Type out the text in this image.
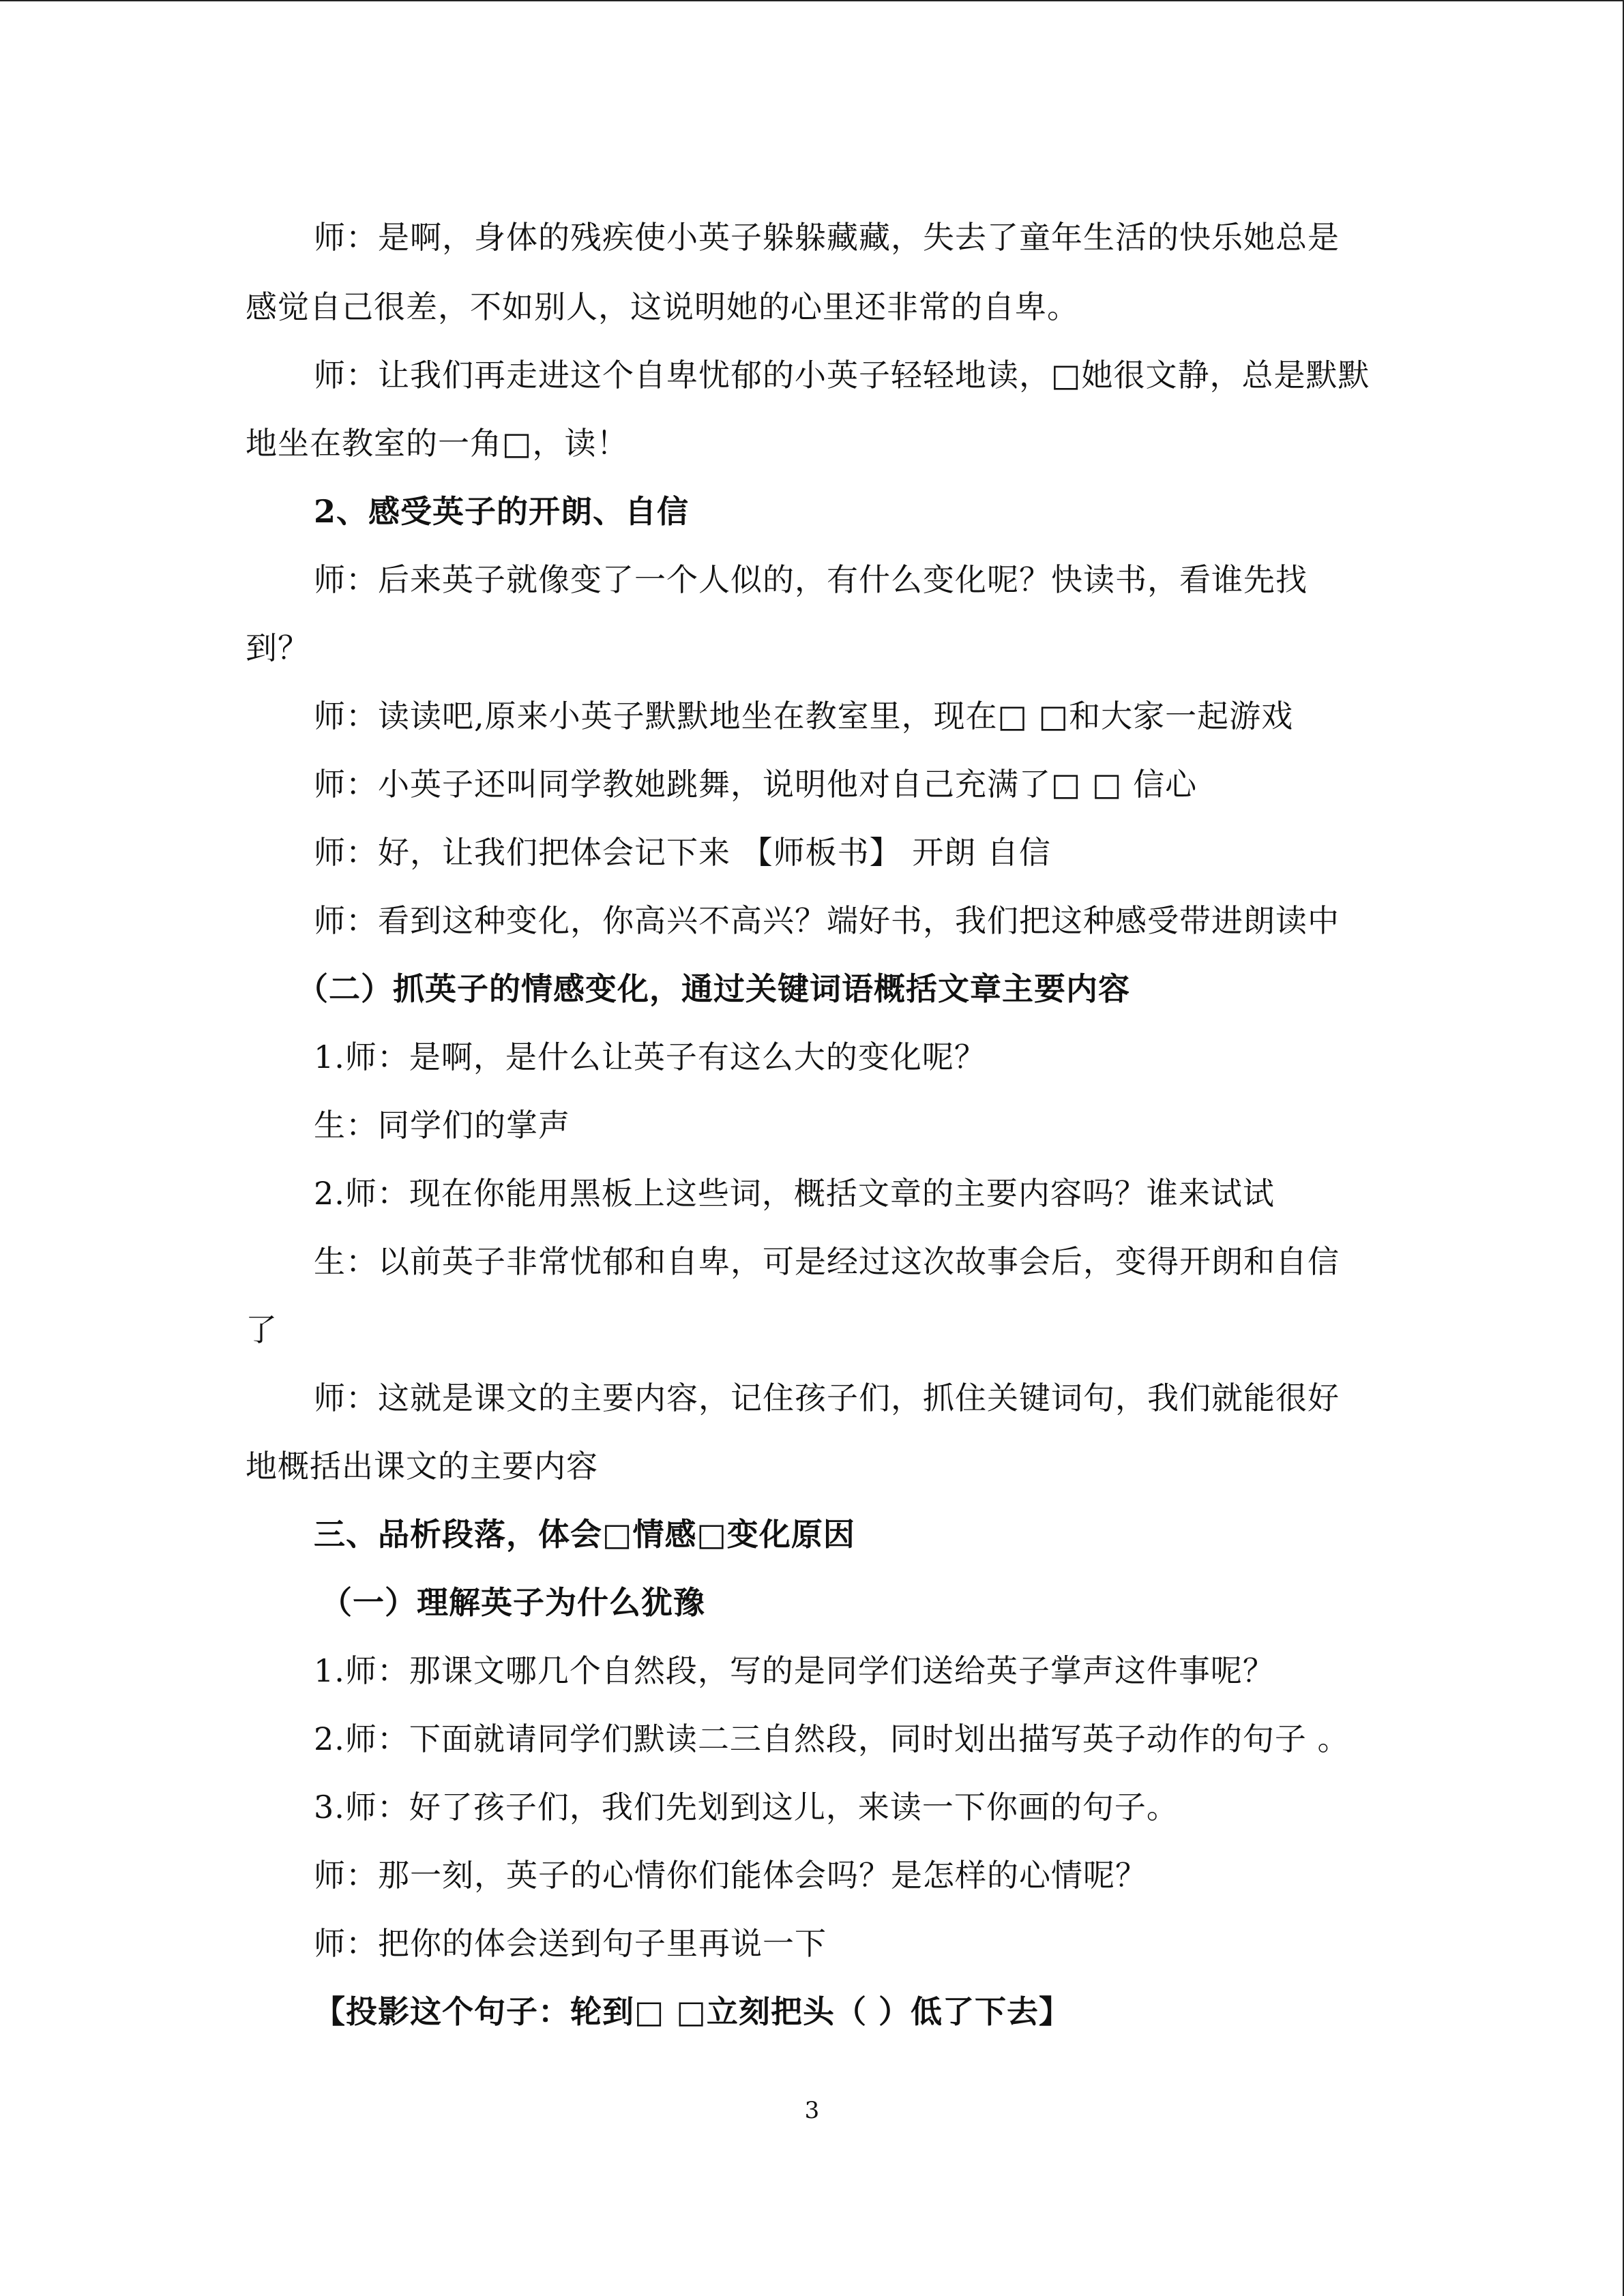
师：是啊，身体的残疾使小英子躲躲藏藏，失去了童年生活的快乐她总是
感觉自己很差，不如别人，这说明她的心里还非常的自卑。
师：让我们再走进这个自卑忧郁的小英子轻轻地读，□她很文静，总是默默
地坐在教室的一角□，读！
2、感受英子的开朗、自信
师：后来英子就像变了一个人似的，有什么变化呢？快读书，看谁先找
到？
师：读读吧,原来小英子默默地坐在教室里，现在□ □和大家一起游戏
师：小英子还叫同学教她跳舞，说明他对自己充满了□ □ 信心
师：好，让我们把体会记下来 【师板书】 开朗 自信
师：看到这种变化，你高兴不高兴？端好书，我们把这种感受带进朗读中
（二）抓英子的情感变化，通过关键词语概括文章主要内容
1.师：是啊，是什么让英子有这么大的变化呢？
生：同学们的掌声
2.师：现在你能用黑板上这些词，概括文章的主要内容吗？谁来试试
生：以前英子非常忧郁和自卑，可是经过这次故事会后，变得开朗和自信
了
师：这就是课文的主要内容，记住孩子们，抓住关键词句，我们就能很好
地概括出课文的主要内容
三、品析段落，体会□情感□变化原因
（一）理解英子为什么犹豫
1.师：那课文哪几个自然段，写的是同学们送给英子掌声这件事呢？
2.师：下面就请同学们默读二三自然段，同时划出描写英子动作的句子 。
3.师：好了孩子们，我们先划到这儿，来读一下你画的句子。
师：那一刻，英子的心情你们能体会吗？是怎样的心情呢？
师：把你的体会送到句子里再说一下
【投影这个句子：轮到□ □立刻把头（ ）低了下去】
3
